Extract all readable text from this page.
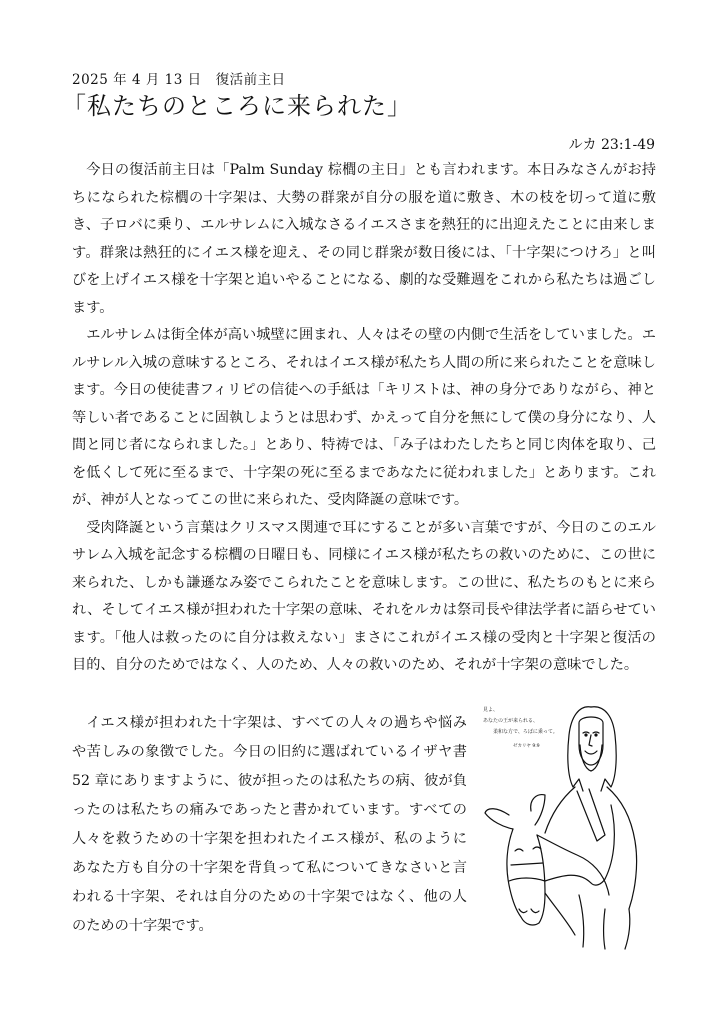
2025 年 4 月 13 日　復活前主日
「私たちのところに来られた」
ルカ 23:1-49

今日の復活前主日は「Palm Sunday 棕櫚の主日」とも言われます。本日みなさんがお持ちになられた棕櫚の十字架は、大勢の群衆が自分の服を道に敷き、木の枝を切って道に敷き、子ロバに乗り、エルサレムに入城なさるイエスさまを熱狂的に出迎えたことに由来します。群衆は熱狂的にイエス様を迎え、その同じ群衆が数日後には、「十字架につけろ」と叫びを上げイエス様を十字架と追いやることになる、劇的な受難週をこれから私たちは過ごします。

エルサレムは街全体が高い城壁に囲まれ、人々はその壁の内側で生活をしていました。エルサレル入城の意味するところ、それはイエス様が私たち人間の所に来られたことを意味します。今日の使徒書フィリピの信徒への手紙は「キリストは、神の身分でありながら、神と等しい者であることに固執しようとは思わず、かえって自分を無にして僕の身分になり、人間と同じ者になられました。」とあり、特祷では、「み子はわたしたちと同じ肉体を取り、己を低くして死に至るまで、十字架の死に至るまであなたに従われました」とあります。これが、神が人となってこの世に来られた、受肉降誕の意味です。

受肉降誕という言葉はクリスマス関連で耳にすることが多い言葉ですが、今日のこのエルサレム入城を記念する棕櫚の日曜日も、同様にイエス様が私たちの救いのために、この世に来られた、しかも謙遜なみ姿でこられたことを意味します。この世に、私たちのもとに来られ、そしてイエス様が担われた十字架の意味、それをルカは祭司長や律法学者に語らせています。「他人は救ったのに自分は救えない」まさにこれがイエス様の受肉と十字架と復活の目的、自分のためではなく、人のため、人々の救いのため、それが十字架の意味でした。

イエス様が担われた十字架は、すべての人々の過ちや悩みや苦しみの象徴でした。今日の旧約に選ばれているイザヤ書 52 章にありますように、彼が担ったのは私たちの病、彼が負ったのは私たちの痛みであったと書かれています。すべての人々を救うための十字架を担われたイエス様が、私のようにあなた方も自分の十字架を背負って私についてきなさいと言われる十字架、それは自分のための十字架ではなく、他の人のための十字架です。

見よ、
あなたの王が来られる、
柔和な方で、ろばに乗って。
ゼカリヤ 9:9
